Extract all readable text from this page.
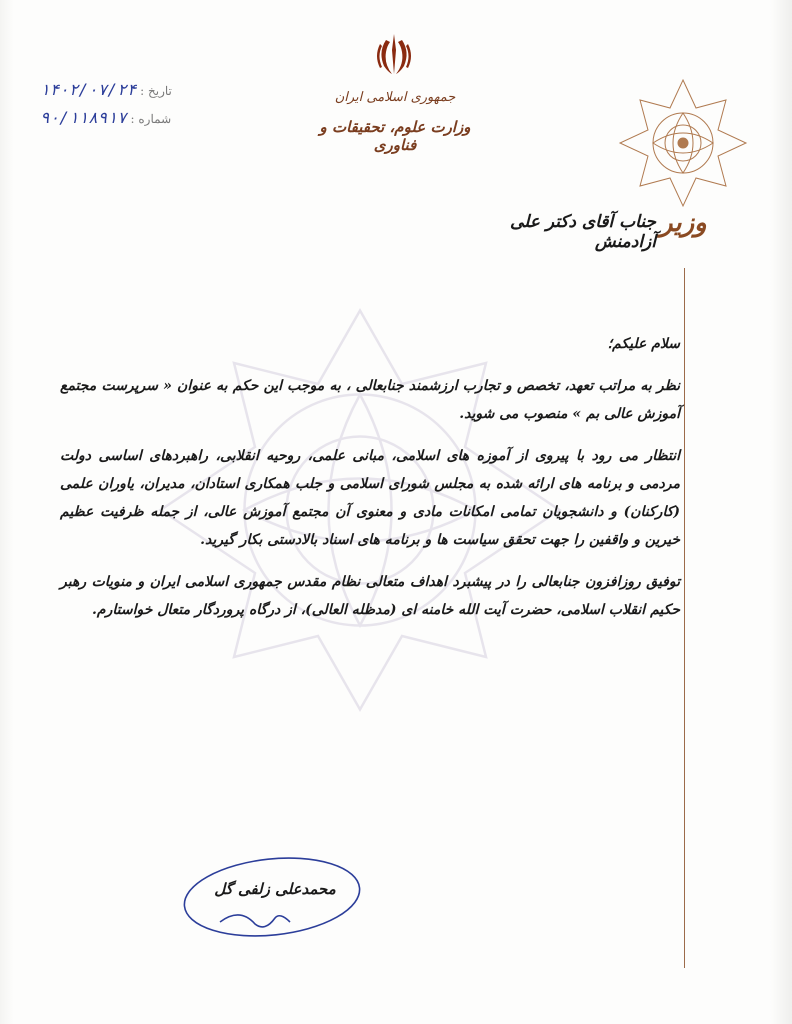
جمهوری اسلامی ایران
وزارت علوم، تحقیقات و فناوری
تاریخ : ۱۴۰۲/۰۷/۲۴
شماره : ۹۰/۱۱۸۹۱۷
وزیر
جناب آقای دکتر علی آزادمنش

سلام علیکم؛

نظر به مراتب تعهد، تخصص و تجارب ارزشمند جنابعالی ، به موجب این حکم به عنوان « سرپرست مجتمع آموزش عالی بم » منصوب می شوید.

انتظار می رود با پیروی از آموزه های اسلامی، مبانی علمی، روحیه انقلابی، راهبردهای اساسی دولت مردمی و برنامه های ارائه شده به مجلس شورای اسلامی و جلب همکاری استادان، مدیران، یاوران علمی (کارکنان) و دانشجویان تمامی امکانات مادی و معنوی آن مجتمع آموزش عالی، از جمله ظرفیت عظیم خیرین و واقفین را جهت تحقق سیاست ها و برنامه های اسناد بالادستی بکار گیرید.

توفیق روزافزون جنابعالی را در پیشبرد اهداف متعالی نظام مقدس جمهوری اسلامی ایران و منویات رهبر حکیم انقلاب اسلامی، حضرت آیت الله خامنه ای (مدظله العالی)، از درگاه پروردگار متعال خواستارم.

محمدعلی زلفی گل
